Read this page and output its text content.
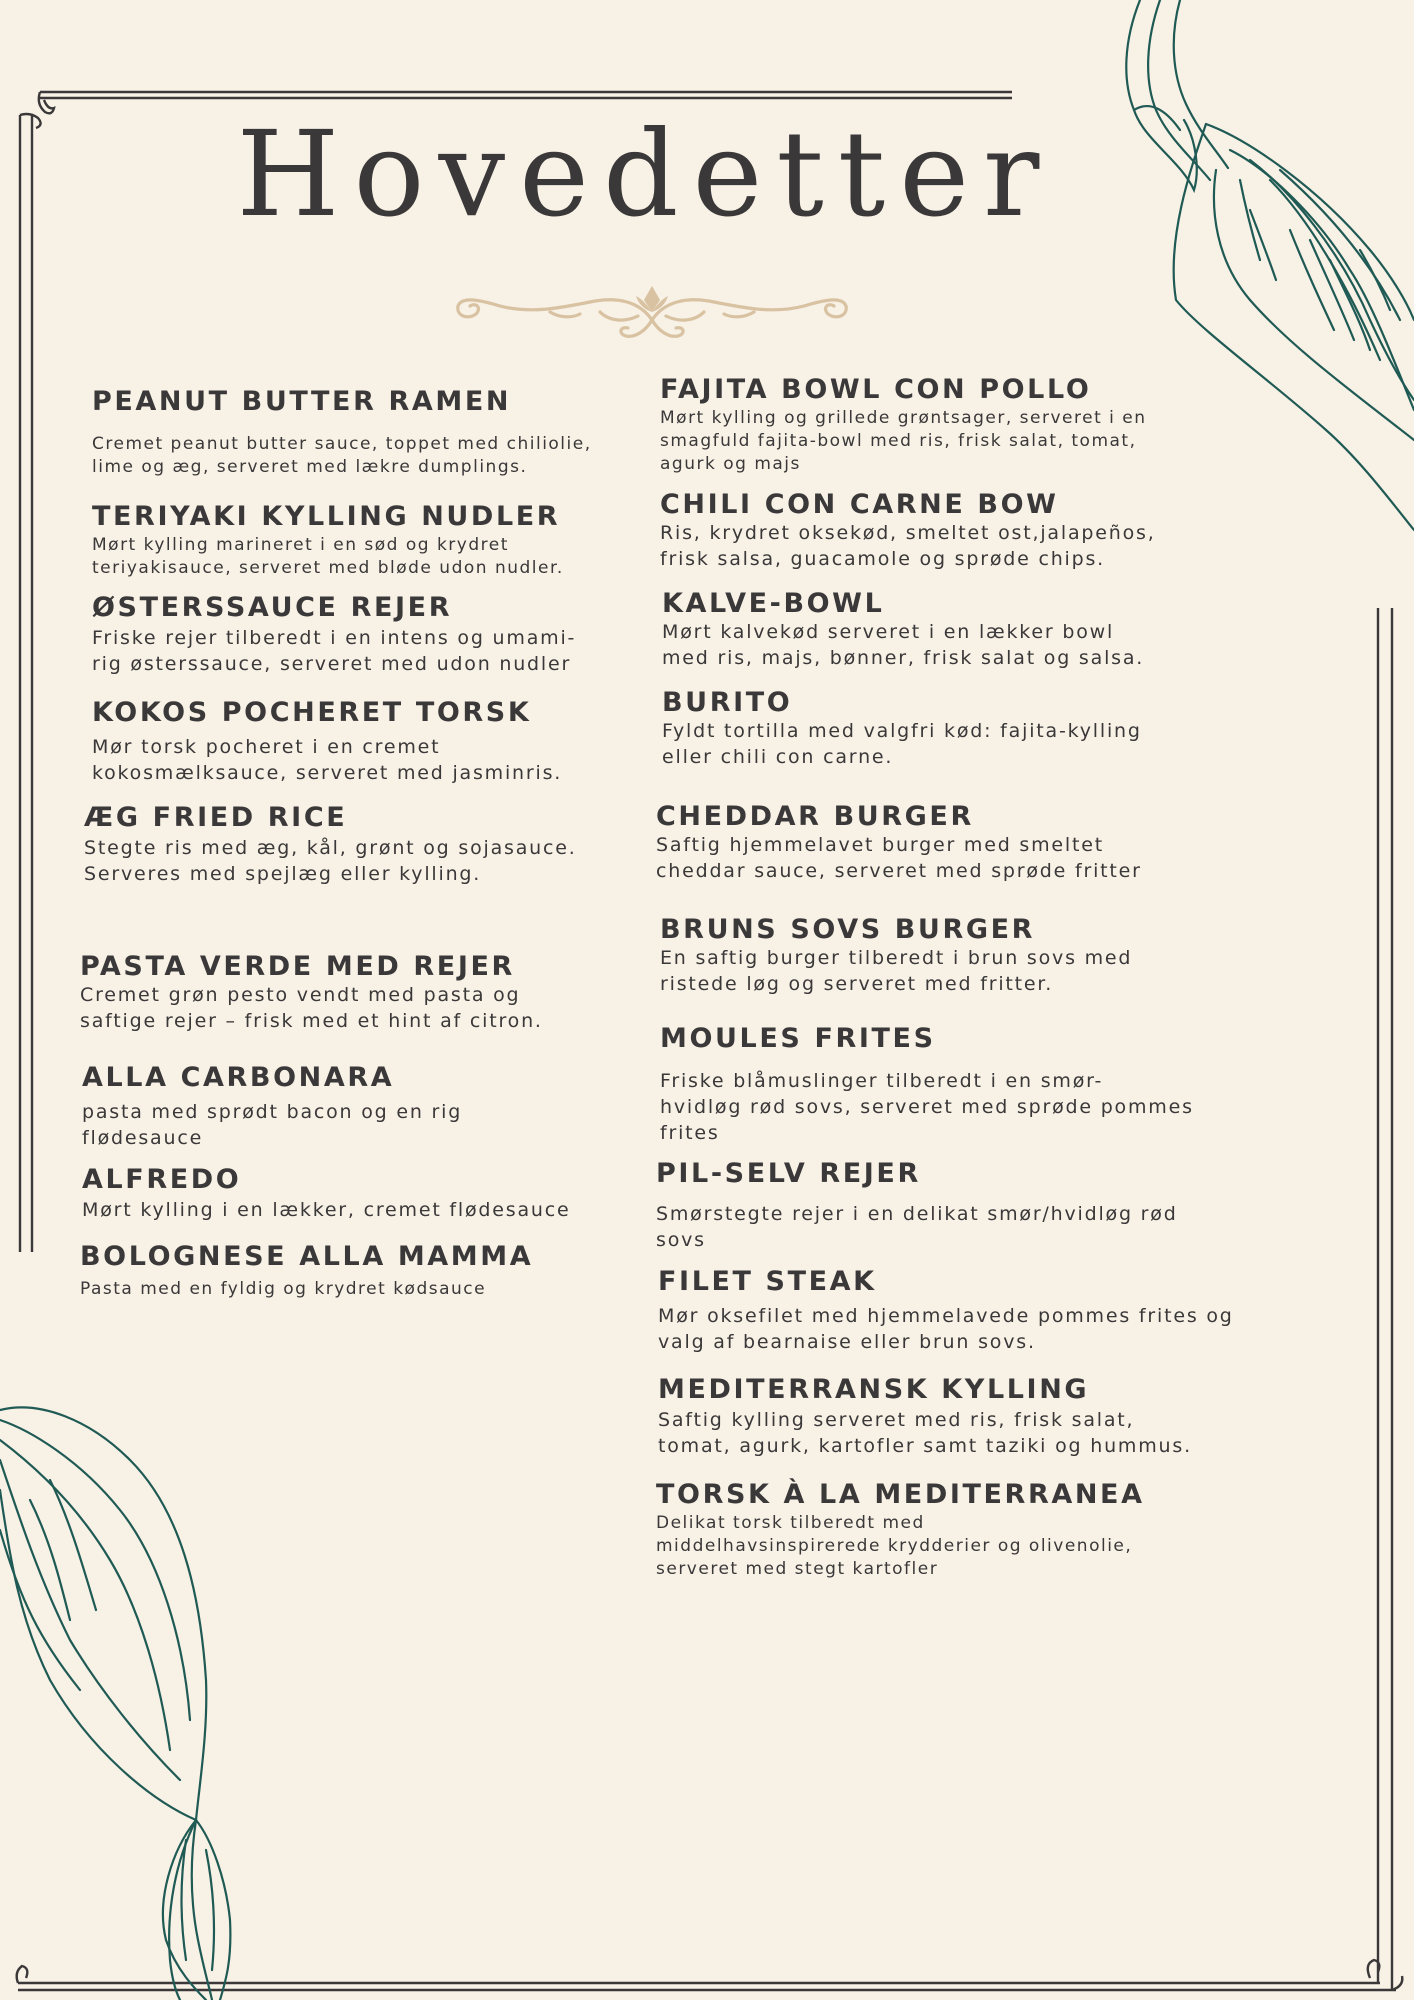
Hovedetter
PEANUT BUTTER RAMEN

Cremet peanut butter sauce, toppet med chiliolie,
lime og æg, serveret med lækre dumplings.

TERIYAKI KYLLING NUDLER

Mørt kylling marineret i en sød og krydret
teriyakisauce, serveret med bløde udon nudler.

ØSTERSSAUCE REJER

Friske rejer tilberedt i en intens og umami-
rig østerssauce, serveret med udon nudler

KOKOS POCHERET TORSK

Mør torsk pocheret i en cremet
kokosmælksauce, serveret med jasminris.

ÆG FRIED RICE

Stegte ris med æg, kål, grønt og sojasauce.
Serveres med spejlæg eller kylling.

PASTA VERDE MED REJER

Cremet grøn pesto vendt med pasta og
saftige rejer – frisk med et hint af citron.

ALLA CARBONARA

pasta med sprødt bacon og en rig
flødesauce

ALFREDO

Mørt kylling i en lækker, cremet flødesauce

BOLOGNESE ALLA MAMMA

Pasta med en fyldig og krydret kødsauce

FAJITA BOWL CON POLLO

Mørt kylling og grillede grøntsager, serveret i en
smagfuld fajita-bowl med ris, frisk salat, tomat,
agurk og majs

CHILI CON CARNE BOW

Ris, krydret oksekød, smeltet ost,jalapeños,
frisk salsa, guacamole og sprøde chips.

KALVE-BOWL

Mørt kalvekød serveret i en lækker bowl
med ris, majs, bønner, frisk salat og salsa.

BURITO

Fyldt tortilla med valgfri kød: fajita-kylling
eller chili con carne.

CHEDDAR BURGER

Saftig hjemmelavet burger med smeltet
cheddar sauce, serveret med sprøde fritter

BRUNS SOVS BURGER

En saftig burger tilberedt i brun sovs med
ristede løg og serveret med fritter.

MOULES FRITES

Friske blåmuslinger tilberedt i en smør-
hvidløg rød sovs, serveret med sprøde pommes
frites

PIL-SELV REJER

Smørstegte rejer i en delikat smør/hvidløg rød
sovs

FILET STEAK

Mør oksefilet med hjemmelavede pommes frites og
valg af bearnaise eller brun sovs.

MEDITERRANSK KYLLING

Saftig kylling serveret med ris, frisk salat,
tomat, agurk, kartofler samt taziki og hummus.

TORSK À LA MEDITERRANEA

Delikat torsk tilberedt med
middelhavsinspirerede krydderier og olivenolie,
serveret med stegt kartofler
